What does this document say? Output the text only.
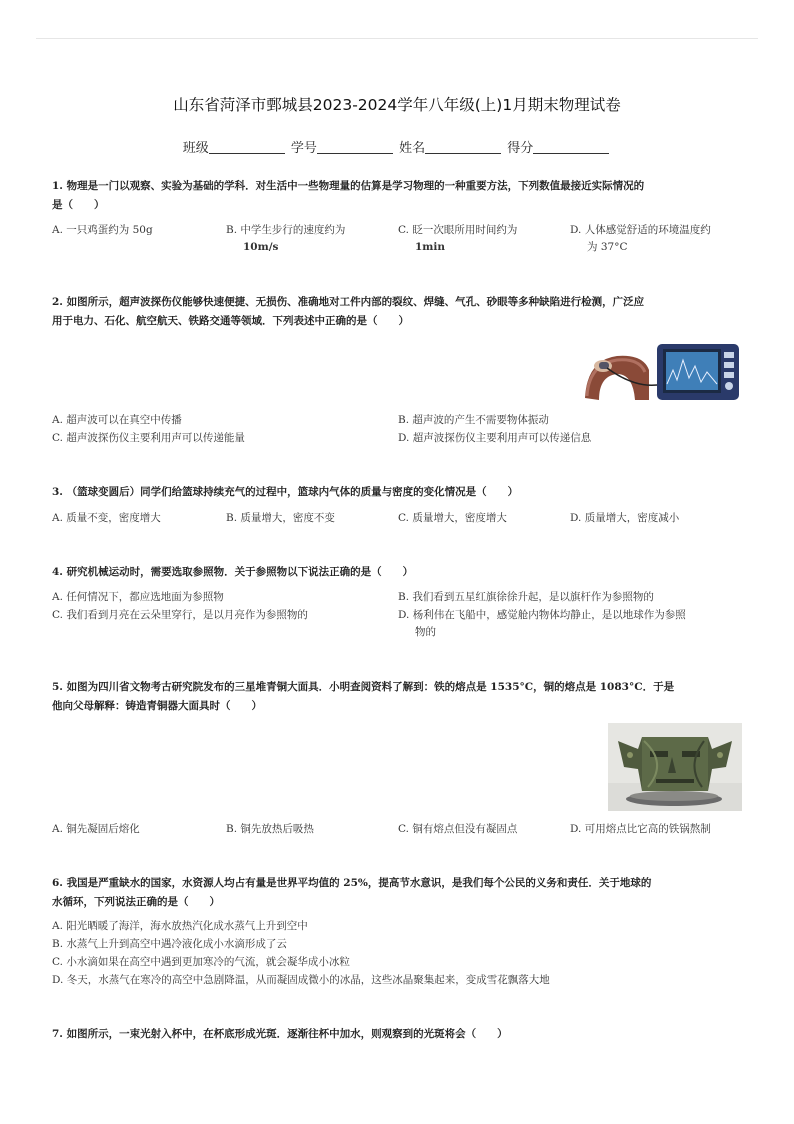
山东省菏泽市鄄城县2023-2024学年八年级(上)1月期末物理试卷
班级	学号	姓名	得分
1. 物理是一门以观察、实验为基础的学科．对生活中一些物理量的估算是学习物理的一种重要方法，下列数值最接近实际情况的
是（　　）
A. 一只鸡蛋约为 50g	B. 中学生步行的速度约为
10m/s
C. 眨一次眼所用时间约为
1min
D. 人体感觉舒适的环境温度约
为 37°C
2. 如图所示，超声波探伤仪能够快速便捷、无损伤、准确地对工件内部的裂纹、焊缝、气孔、砂眼等多种缺陷进行检测，广泛应
用于电力、石化、航空航天、铁路交通等领域．下列表述中正确的是（　　）
A. 超声波可以在真空中传播	B. 超声波的产生不需要物体振动
C. 超声波探伤仪主要利用声可以传递能量	D. 超声波探伤仪主要利用声可以传递信息
3. （篮球变圆后）同学们给篮球持续充气的过程中，篮球内气体的质量与密度的变化情况是（　　）
A. 质量不变，密度增大	B. 质量增大，密度不变	C. 质量增大，密度增大	D. 质量增大，密度减小
4. 研究机械运动时，需要选取参照物．关于参照物以下说法正确的是（　　）
A. 任何情况下，都应选地面为参照物	B. 我们看到五星红旗徐徐升起，是以旗杆作为参照物的
C. 我们看到月亮在云朵里穿行，是以月亮作为参照物的	D. 杨利伟在飞船中，感觉舱内物体均静止，是以地球作为参照
物的
5. 如图为四川省文物考古研究院发布的三星堆青铜大面具．小明查阅资料了解到：铁的熔点是 1535°C，铜的熔点是 1083°C．于是
他向父母解释：铸造青铜器大面具时（　　）
A. 铜先凝固后熔化	B. 铜先放热后吸热	C. 铜有熔点但没有凝固点	D. 可用熔点比它高的铁锅熬制
6. 我国是严重缺水的国家，水资源人均占有量是世界平均值的 25%，提高节水意识，是我们每个公民的义务和责任．关于地球的
水循环，下列说法正确的是（　　）
A. 阳光晒暖了海洋，海水放热汽化成水蒸气上升到空中
B. 水蒸气上升到高空中遇冷液化成小水滴形成了云
C. 小水滴如果在高空中遇到更加寒冷的气流，就会凝华成小冰粒
D. 冬天，水蒸气在寒冷的高空中急剧降温，从而凝固成微小的冰晶，这些冰晶聚集起来，变成雪花飘落大地
7. 如图所示，一束光射入杯中，在杯底形成光斑．逐渐往杯中加水，则观察到的光斑将会（　　）
